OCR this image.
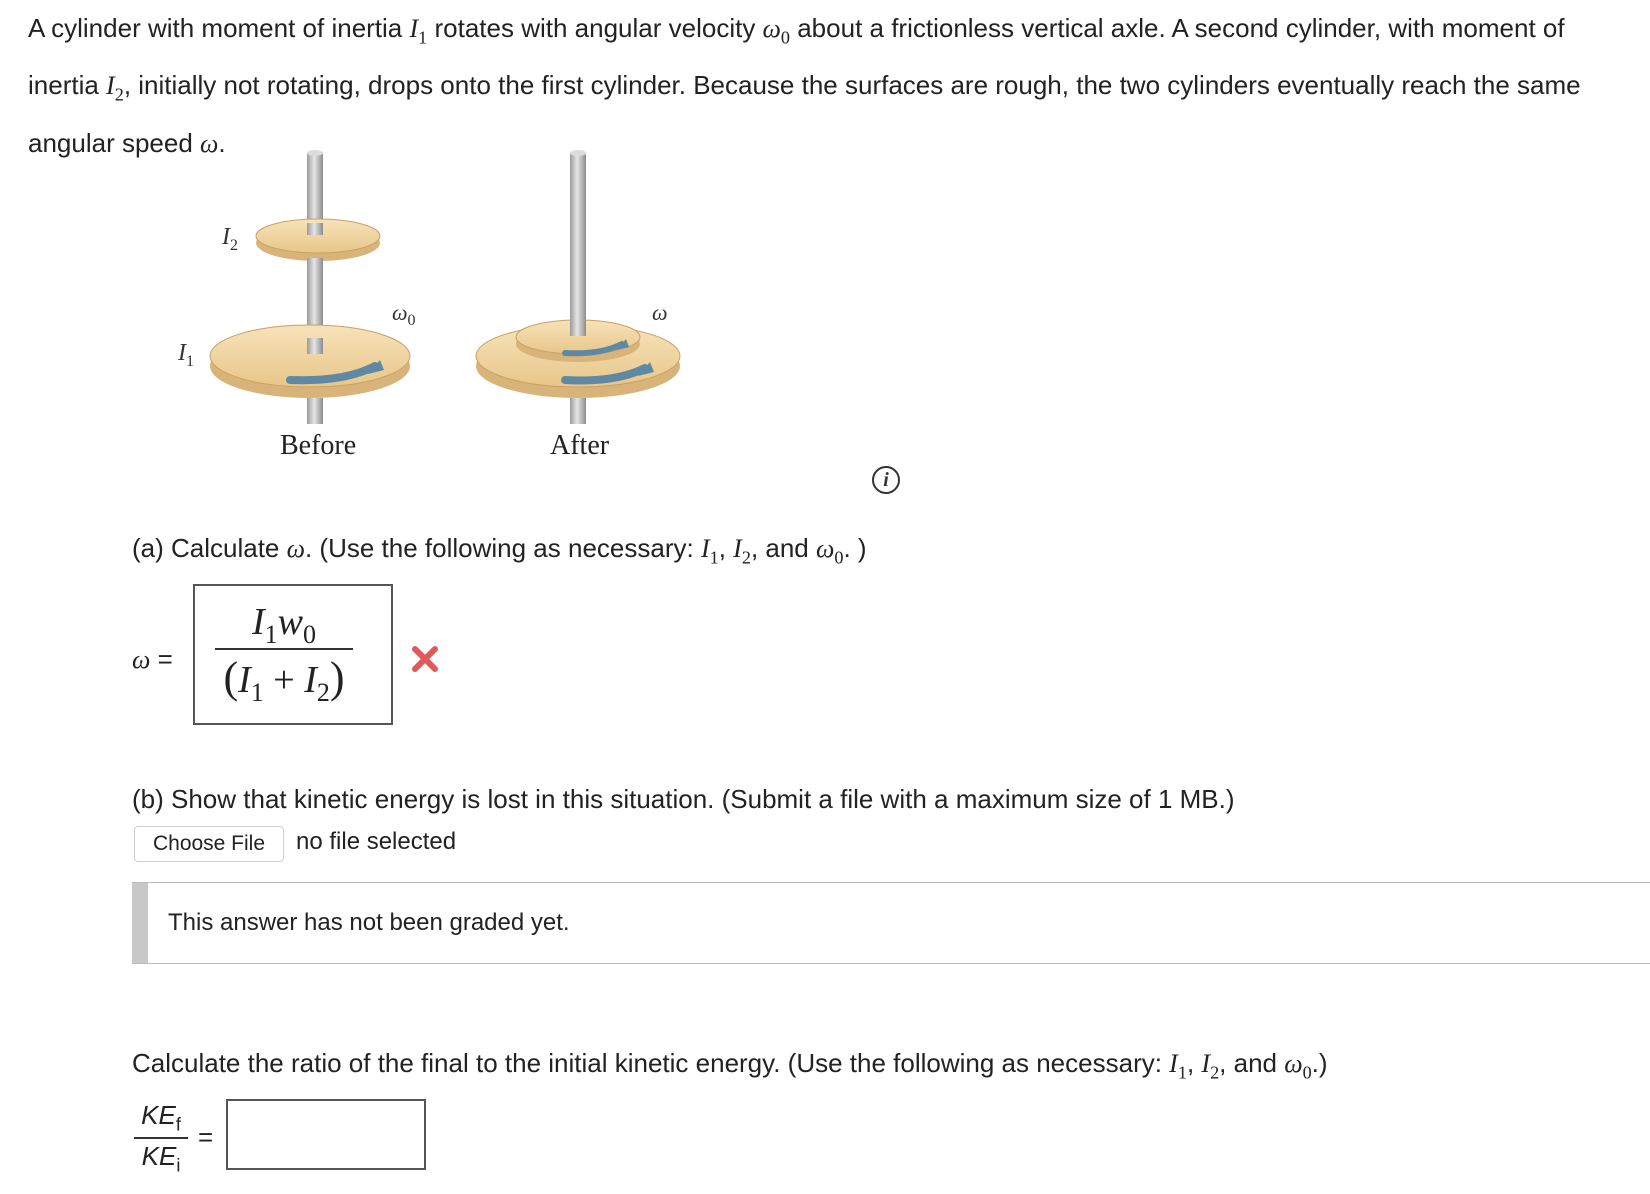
A cylinder with moment of inertia $I_1$ rotates with angular velocity $\omega_0$ about a frictionless vertical axle. A second cylinder, with moment of inertia $I_2$, initially not rotating, drops onto the first cylinder. Because the surfaces are rough, the two cylinders eventually reach the same angular speed ω.
$I_2$
$I_1$
$\omega_0$
Before
ω
After
i
(a) Calculate ω. (Use the following as necessary: $I_1$, $I_2$, and $\omega_0$. )
ω =
$I_1w_0$
$(I_1 + I_2)$
(b) Show that kinetic energy is lost in this situation. (Submit a file with a maximum size of 1 MB.)
Choose File	no file selected
This answer has not been graded yet.
Calculate the ratio of the final to the initial kinetic energy. (Use the following as necessary: $I_1$, $I_2$, and $\omega_0$.)
$KE_f$
$KE_i$
=
